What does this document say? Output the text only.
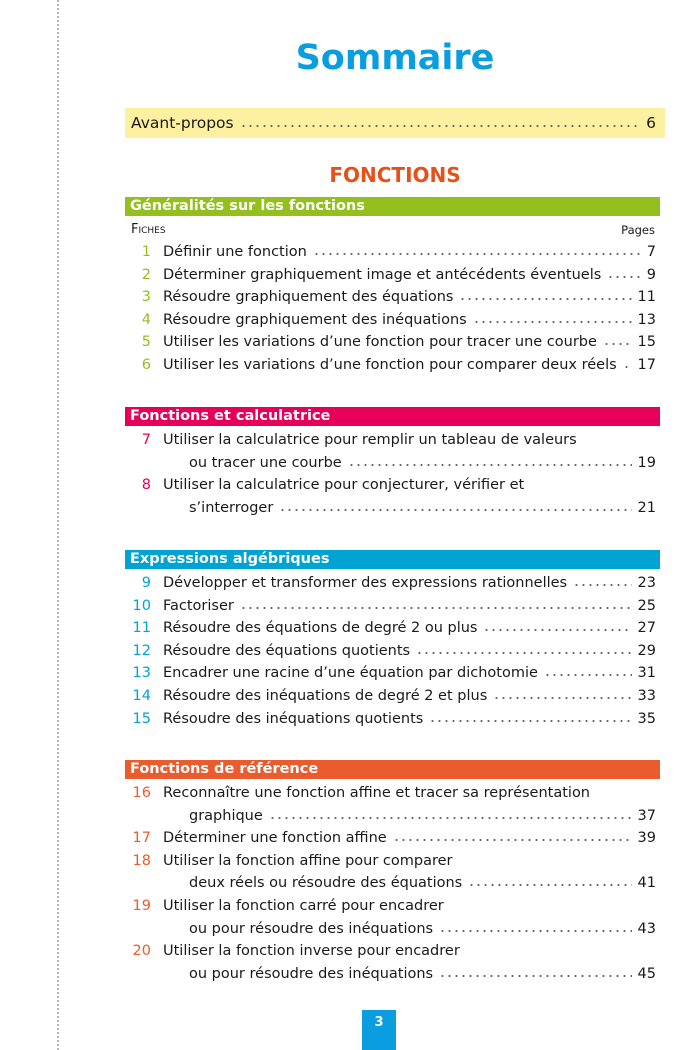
Sommaire
Avant-propos	6
FONCTIONS
Généralités sur les fonctions
Fiches	Pages
1 Définir une fonction	7
2 Déterminer graphiquement image et antécédents éventuels	9
3 Résoudre graphiquement des équations	11
4 Résoudre graphiquement des inéquations	13
5 Utiliser les variations d’une fonction pour tracer une courbe	15
6 Utiliser les variations d’une fonction pour comparer deux réels 17
Fonctions et calculatrice
7 Utiliser la calculatrice pour remplir un tableau de valeurs
ou tracer une courbe	19
8 Utiliser la calculatrice pour conjecturer, vérifier et
s’interroger	21
Expressions algébriques
9 Développer et transformer des expressions rationnelles	23
10 Factoriser	25
11 Résoudre des équations de degré 2 ou plus	27
12 Résoudre des équations quotients	29
13 Encadrer une racine d’une équation par dichotomie	31
14 Résoudre des inéquations de degré 2 et plus	33
15 Résoudre des inéquations quotients	35
Fonctions de référence
16 Reconnaître une fonction affine et tracer sa représentation
graphique	37
17 Déterminer une fonction affine	39
18 Utiliser la fonction affine pour comparer
deux réels ou résoudre des équations	41
19 Utiliser la fonction carré pour encadrer
ou pour résoudre des inéquations	43
20 Utiliser la fonction inverse pour encadrer
ou pour résoudre des inéquations	45
3
